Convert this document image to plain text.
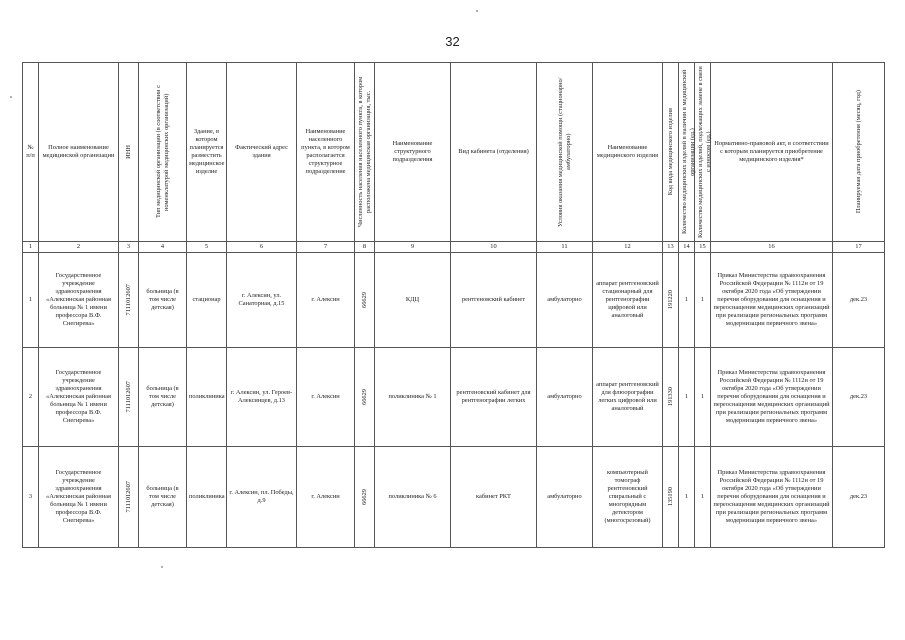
32
№ п/п	Полное наименование медицинской организации	ИНН	Тип медицинской организации (в соответствии с номенклатурой медицинских организаций)	Здание, в котором планируется разместить медицинское изделие	Фактический адрес здания	Наименование населенного пункта, в котором располагается структурное подразделение	Численность населения населенного пункта, в котором расположена медицинская организация, тыс.	Наименование структурного подразделения	Вид кабинета (отделения)	Условия оказания медицинской помощи (стационарно/ амбулаторно)	Наименование медицинского изделия	Код вида медицинского изделия	Количество медицинских изделий в наличии в медицинской организации (ед.)	Количество медицинских изделий, подлежащих замене в связи с износом (ед.)	Нормативно-правовой акт, в соответствии с которым планируется приобретение медицинского изделия*	Планируемая дата приобретения (месяц, год)

1	2	3	4	5	6	7	8	9	10	11	12	13	14	15	16	17
1	Государственное учреждение здравоохранения «Алексинская районная больница № 1 имени профессора В.Ф. Снегирева»	7111012607	больница (в том числе детская)	стационар	г. Алексин, ул. Санаторная, д.15	г. Алексин	66629	КДЦ	рентгеновский кабинет	амбулаторно	аппарат рентгеновский стационарный для рентгенографии цифровой или аналоговый	191220	1	1	Приказ Министерства здравоохранения Российской Федерации № 1112н от 19 октября 2020 года «Об утверждении перечня оборудования для оснащения и переоснащения медицинских организаций при реализации региональных программ модернизации первичного звена»	дек.23
2	Государственное учреждение здравоохранения «Алексинская районная больница № 1 имени профессора В.Ф. Снегирева»	7111012607	больница (в том числе детская)	поликлиника	г. Алексин, ул. Героев-Алексинцев, д.13	г. Алексин	66629	поликлиника № 1	рентгеновский кабинет для рентгенографии легких	амбулаторно	аппарат рентгеновский для флюорографии легких цифровой или аналоговый	191330	1	1	Приказ Министерства здравоохранения Российской Федерации № 1112н от 19 октября 2020 года «Об утверждении перечня оборудования для оснащения и переоснащения медицинских организаций при реализации региональных программ модернизации первичного звена»	дек.23
3	Государственное учреждение здравоохранения «Алексинская районная больница № 1 имени профессора В.Ф. Снегирева»	7111012607	больница (в том числе детская)	поликлиника	г. Алексин, пл. Победы, д.9	г. Алексин	66629	поликлиника № 6	кабинет РКТ	амбулаторно	компьютерный томограф рентгеновский спиральный с многорядным детектором (многосрезовый)	135190	1	1	Приказ Министерства здравоохранения Российской Федерации № 1112н от 19 октября 2020 года «Об утверждении перечня оборудования для оснащения и переоснащения медицинских организаций при реализации региональных программ модернизации первичного звена»	дек.23
